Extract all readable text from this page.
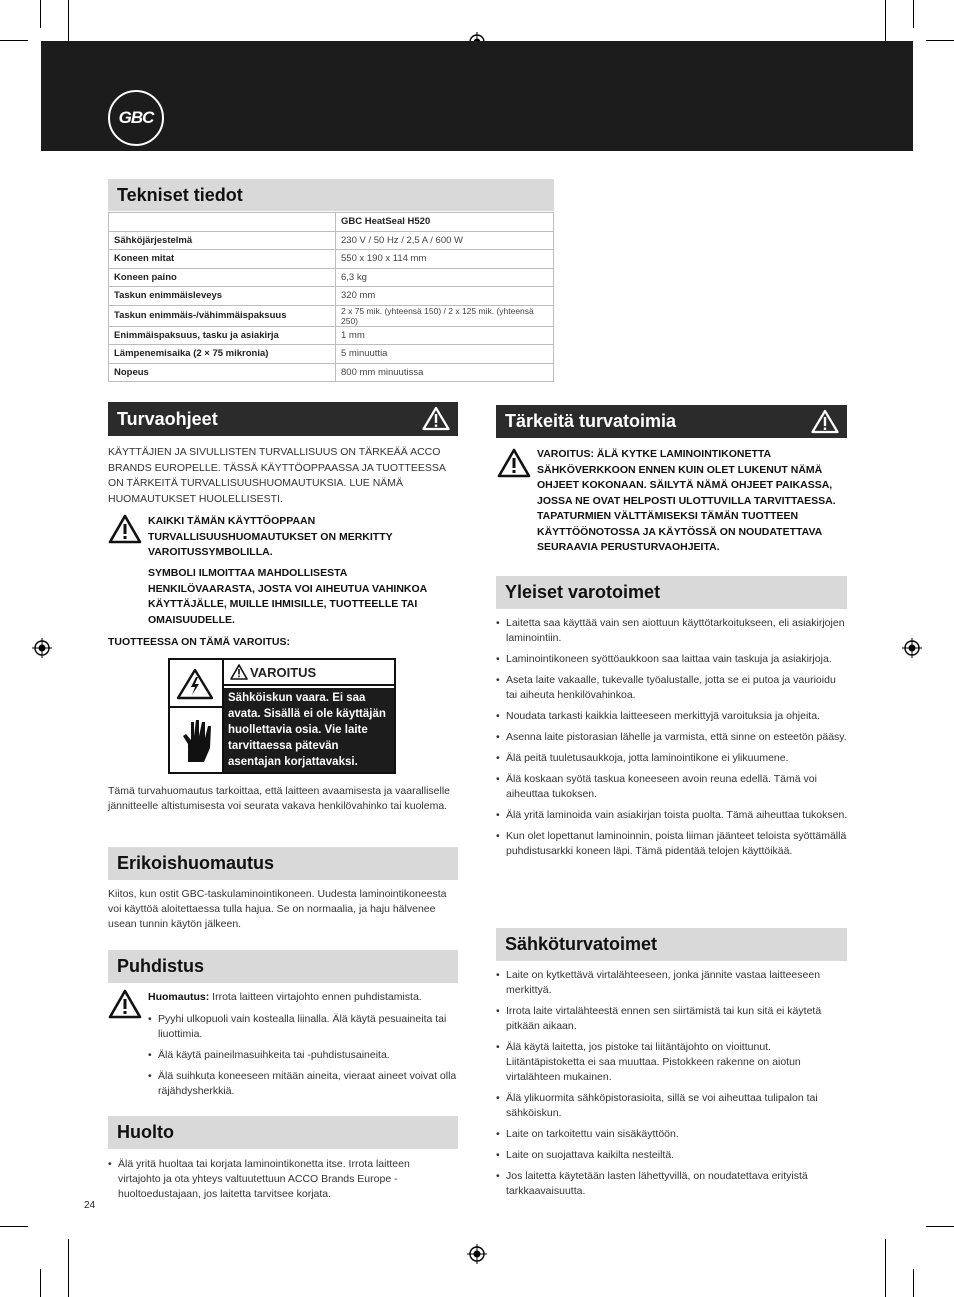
GBC
Tekniset tiedot
	GBC HeatSeal H520
Sähköjärjestelmä	230 V / 50 Hz / 2,5 A / 600 W
Koneen mitat	550 x 190 x 114 mm
Koneen paino	6,3 kg
Taskun enimmäisleveys	320 mm
Taskun enimmäis-/vähimmäispaksuus	2 x 75 mik. (yhteensä 150) / 2 x 125 mik. (yhteensä 250)
Enimmäispaksuus, tasku ja asiakirja	1 mm
Lämpenemisaika (2 × 75 mikronia)	5 minuuttia
Nopeus	800 mm minuutissa
Turvaohjeet
KÄYTTÄJIEN JA SIVULLISTEN TURVALLISUUS ON TÄRKEÄÄ ACCO BRANDS EUROPELLE. TÄSSÄ KÄYTTÖOPPAASSA JA TUOTTEESSA ON TÄRKEITÄ TURVALLISUUSHUOMAUTUKSIA. LUE NÄMÄ HUOMAUTUKSET HUOLELLISESTI.
KAIKKI TÄMÄN KÄYTTÖOPPAAN TURVALLISUUSHUOMAUTUKSET ON MERKITTY VAROITUSSYMBOLILLA.
SYMBOLI ILMOITTAA MAHDOLLISESTA HENKILÖVAARASTA, JOSTA VOI AIHEUTUA VAHINKOA KÄYTTÄJÄLLE, MUILLE IHMISILLE, TUOTTEELLE TAI OMAISUUDELLE.
TUOTTEESSA ON TÄMÄ VAROITUS:
VAROITUS
Sähköiskun vaara. Ei saa avata. Sisällä ei ole käyttäjän huollettavia osia. Vie laite tarvittaessa pätevän asentajan korjattavaksi.
Tämä turvahuomautus tarkoittaa, että laitteen avaamisesta ja vaaralliselle jännitteelle altistumisesta voi seurata vakava henkilövahinko tai kuolema.
Erikoishuomautus
Kiitos, kun ostit GBC-taskulaminointikoneen. Uudesta laminointikoneesta voi käyttöä aloitettaessa tulla hajua. Se on normaalia, ja haju hälvenee usean tunnin käytön jälkeen.
Puhdistus
Huomautus: Irrota laitteen virtajohto ennen puhdistamista.
• Pyyhi ulkopuoli vain kostealla liinalla. Älä käytä pesuaineita tai liuottimia.
• Älä käytä paineilmasuihkeita tai -puhdistusaineita.
• Älä suihkuta koneeseen mitään aineita, vieraat aineet voivat olla räjähdysherkkiä.
Huolto
• Älä yritä huoltaa tai korjata laminointikonetta itse. Irrota laitteen virtajohto ja ota yhteys valtuutettuun ACCO Brands Europe -huoltoedustajaan, jos laitetta tarvitsee korjata.
24
Tärkeitä turvatoimia
VAROITUS: ÄLÄ KYTKE LAMINOINTIKONETTA SÄHKÖVERKKOON ENNEN KUIN OLET LUKENUT NÄMÄ OHJEET KOKONAAN. SÄILYTÄ NÄMÄ OHJEET PAIKASSA, JOSSA NE OVAT HELPOSTI ULOTTUVILLA TARVITTAESSA. TAPATURMIEN VÄLTTÄMISEKSI TÄMÄN TUOTTEEN KÄYTTÖÖNOTOSSA JA KÄYTÖSSÄ ON NOUDATETTAVA SEURAAVIA PERUSTURVAOHJEITA.
Yleiset varotoimet
• Laitetta saa käyttää vain sen aiottuun käyttötarkoitukseen, eli asiakirjojen laminointiin.
• Laminointikoneen syöttöaukkoon saa laittaa vain taskuja ja asiakirjoja.
• Aseta laite vakaalle, tukevalle työalustalle, jotta se ei putoa ja vaurioidu tai aiheuta henkilövahinkoa.
• Noudata tarkasti kaikkia laitteeseen merkittyjä varoituksia ja ohjeita.
• Asenna laite pistorasian lähelle ja varmista, että sinne on esteetön pääsy.
• Älä peitä tuuletusaukkoja, jotta laminointikone ei ylikuumene.
• Älä koskaan syötä taskua koneeseen avoin reuna edellä. Tämä voi aiheuttaa tukoksen.
• Älä yritä laminoida vain asiakirjan toista puolta. Tämä aiheuttaa tukoksen.
• Kun olet lopettanut laminoinnin, poista liiman jäänteet teloista syöttämällä puhdistusarkki koneen läpi. Tämä pidentää telojen käyttöikää.
Sähköturvatoimet
• Laite on kytkettävä virtalähteeseen, jonka jännite vastaa laitteeseen merkittyä.
• Irrota laite virtalähteestä ennen sen siirtämistä tai kun sitä ei käytetä pitkään aikaan.
• Älä käytä laitetta, jos pistoke tai liitäntäjohto on vioittunut. Liitäntäpistoketta ei saa muuttaa. Pistokkeen rakenne on aiotun virtalähteen mukainen.
• Älä ylikuormita sähköpistorasioita, sillä se voi aiheuttaa tulipalon tai sähköiskun.
• Laite on tarkoitettu vain sisäkäyttöön.
• Laite on suojattava kaikilta nesteiltä.
• Jos laitetta käytetään lasten lähettyvillä, on noudatettava erityistä tarkkaavaisuutta.
